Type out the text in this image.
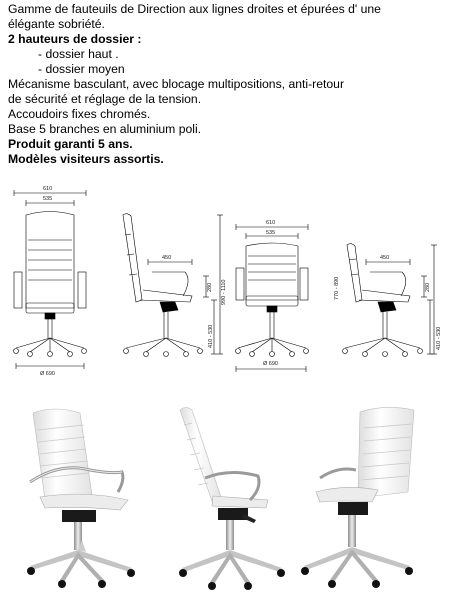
Gamme de fauteuils de Direction aux lignes droites et épurées d' une
élégante sobriété.
2 hauteurs de dossier :
- dossier haut .
- dossier moyen
Mécanisme basculant, avec blocage multipositions, anti-retour
de sécurité et réglage de la tension.
Accoudoirs fixes chromés.
Base 5 branches en aluminium poli.
Produit garanti 5 ans.
Modèles visiteurs assortis.
610
535
Ø 690
450
280 990 - 1110
410 - 530
610
535
Ø 690
450
280
770 - 890
410 - 530
